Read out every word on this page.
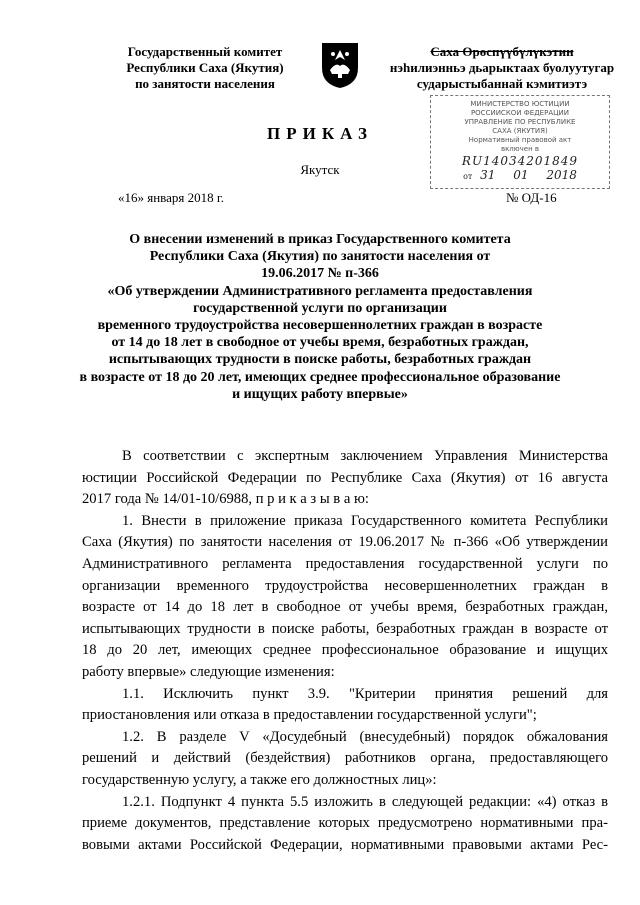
Государственный комитет
Республики Саха (Якутия)
по занятости населения
Саха Өрөспүүбүлүкэтин
нэһилиэнньэ дьарыктаах буолуутугар
сударыстыбаннай кэмитиэтэ
МИНИСТЕРСТВО ЮСТИЦИИ
РОССИЙСКОЙ ФЕДЕРАЦИИ
УПРАВЛЕНИЕ ПО РЕСПУБЛИКЕ
САХА (ЯКУТИЯ)
Нормативный правовой акт
включен в
RU14034201849
от 31 01 2018
ПРИКАЗ
Якутск
«16» января 2018 г.	№ ОД-16
О внесении изменений в приказ Государственного комитета
Республики Саха (Якутия) по занятости населения от
19.06.2017 № п-366
«Об утверждении Административного регламента предоставления
государственной услуги по организации
временного трудоустройства несовершеннолетних граждан в возрасте
от 14 до 18 лет в свободное от учебы время, безработных граждан,
испытывающих трудности в поиске работы, безработных граждан
в возрасте от 18 до 20 лет, имеющих среднее профессиональное образование
и ищущих работу впервые»
В соответствии с экспертным заключением Управления Министерства
юстиции Российской Федерации по Республике Саха (Якутия) от 16 августа
2017 года № 14/01-10/6988, п р и к а з ы в а ю:
1. Внести в приложение приказа Государственного комитета Республики
Саха (Якутия) по занятости населения от 19.06.2017 № п-366 «Об утверждении
Административного регламента предоставления государственной услуги по
организации временного трудоустройства несовершеннолетних граждан в
возрасте от 14 до 18 лет в свободное от учебы время, безработных граждан,
испытывающих трудности в поиске работы, безработных граждан в возрасте от
18 до 20 лет, имеющих среднее профессиональное образование и ищущих
работу впервые» следующие изменения:
1.1. Исключить пункт 3.9. "Критерии принятия решений для
приостановления или отказа в предоставлении государственной услуги";
1.2. В разделе V «Досудебный (внесудебный) порядок обжалования
решений и действий (бездействия) работников органа, предоставляющего
государственную услугу, а также его должностных лиц»:
1.2.1. Подпункт 4 пункта 5.5 изложить в следующей редакции: «4) отказ в
приеме документов, представление которых предусмотрено нормативными пра-
вовыми актами Российской Федерации, нормативными правовыми актами Рес-
